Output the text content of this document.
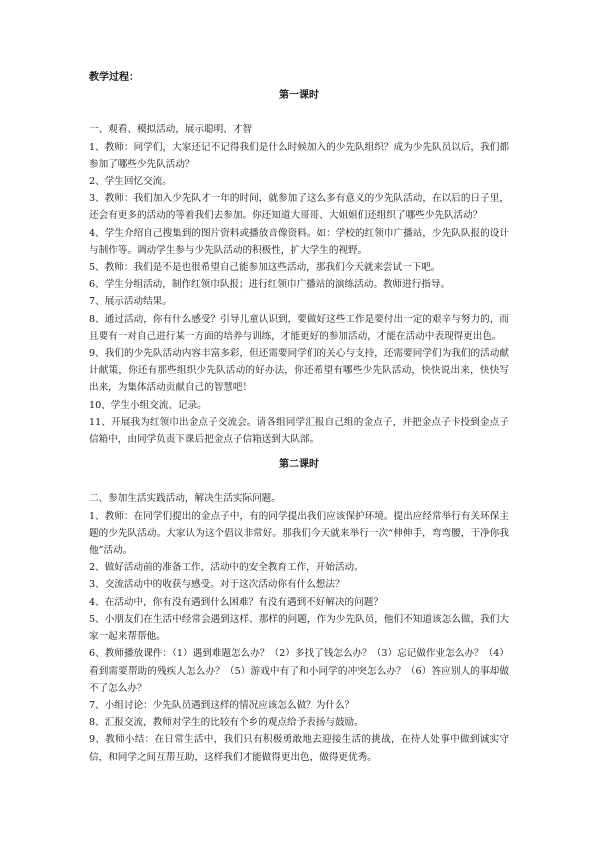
教学过程：
第一课时
一、观看、模拟活动，展示聪明、才智
1、教师：同学们，大家还记不记得我们是什么时候加入的少先队组织？成为少先队员以后，我们都参加了哪些少先队活动？
2、学生回忆交流。
3、教师：我们加入少先队才一年的时间，就参加了这么多有意义的少先队活动，在以后的日子里，还会有更多的活动的等着我们去参加。你还知道大哥哥、大姐姐们还组织了哪些少先队活动？
4、学生介绍自己搜集到的图片资料或播放音像资料。如：学校的红领巾广播站，少先队队报的设计与制作等。调动学生参与少先队活动的积极性，扩大学生的视野。
5、教师：我们是不是也很希望自己能参加这些活动，那我们今天就来尝试一下吧。
6、学生分组活动，制作红领巾队报；进行红领巾广播站的演练活动。教师进行指导。
7、展示活动结果。
8、通过活动，你有什么感受？引导儿童认识到，要做好这些工作是要付出一定的艰辛与努力的，而且要有一对自己进行某一方面的培养与训练，才能更好的参加活动，才能在活动中表现得更出色。
9、我们的少先队活动内容丰富多彩，但还需要同学们的关心与支持，还需要同学们为我们的活动献计献策，你还有那些组织少先队活动的好办法，你还希望有哪些少先队活动，快快说出来，快快写出来，为集体活动贡献自己的智慧吧！
10、学生小组交流、记录。
11、开展我为红领巾出金点子交流会。请各组同学汇报自己组的金点子，并把金点子卡投到金点子信箱中，由同学负责下课后把金点子信箱送到大队部。
第二课时
二、参加生活实践活动，解决生活实际问题。
1、教师：在同学们提出的金点子中，有的同学提出我们应该保护环境。提出应经常举行有关环保主题的少先队活动。大家认为这个倡议非常好。那我们今天就来举行一次“伸伸手，弯弯腰，干净你我他”活动。
2、做好活动前的准备工作，活动中的安全教育工作，开始活动。
3、交流活动中的收获与感受。对于这次活动你有什么想法？
4、在活动中，你有没有遇到什么困难？有没有遇到不好解决的问题？
5、小朋友们在生活中经常会遇到这样、那样的问题，作为少先队员，他们不知道该怎么做，我们大家一起来帮帮他。
6、教师播放课件：（1）遇到难题怎么办？（2）多找了钱怎么办？（3）忘记做作业怎么办？（4）看到需要帮助的残疾人怎么办？（5）游戏中有了和小同学的冲突怎么办？（6）答应别人的事却做不了怎么办？
7、小组讨论：少先队员遇到这样的情况应该怎么做？为什么？
8、汇报交流，教师对学生的比较有个乡的观点给予表扬与鼓励。
9、教师小结：在日常生活中，我们只有积极勇敢地去迎接生活的挑战，在待人处事中做到诚实守信，和同学之间互帮互助，这样我们才能做得更出色，做得更优秀。
